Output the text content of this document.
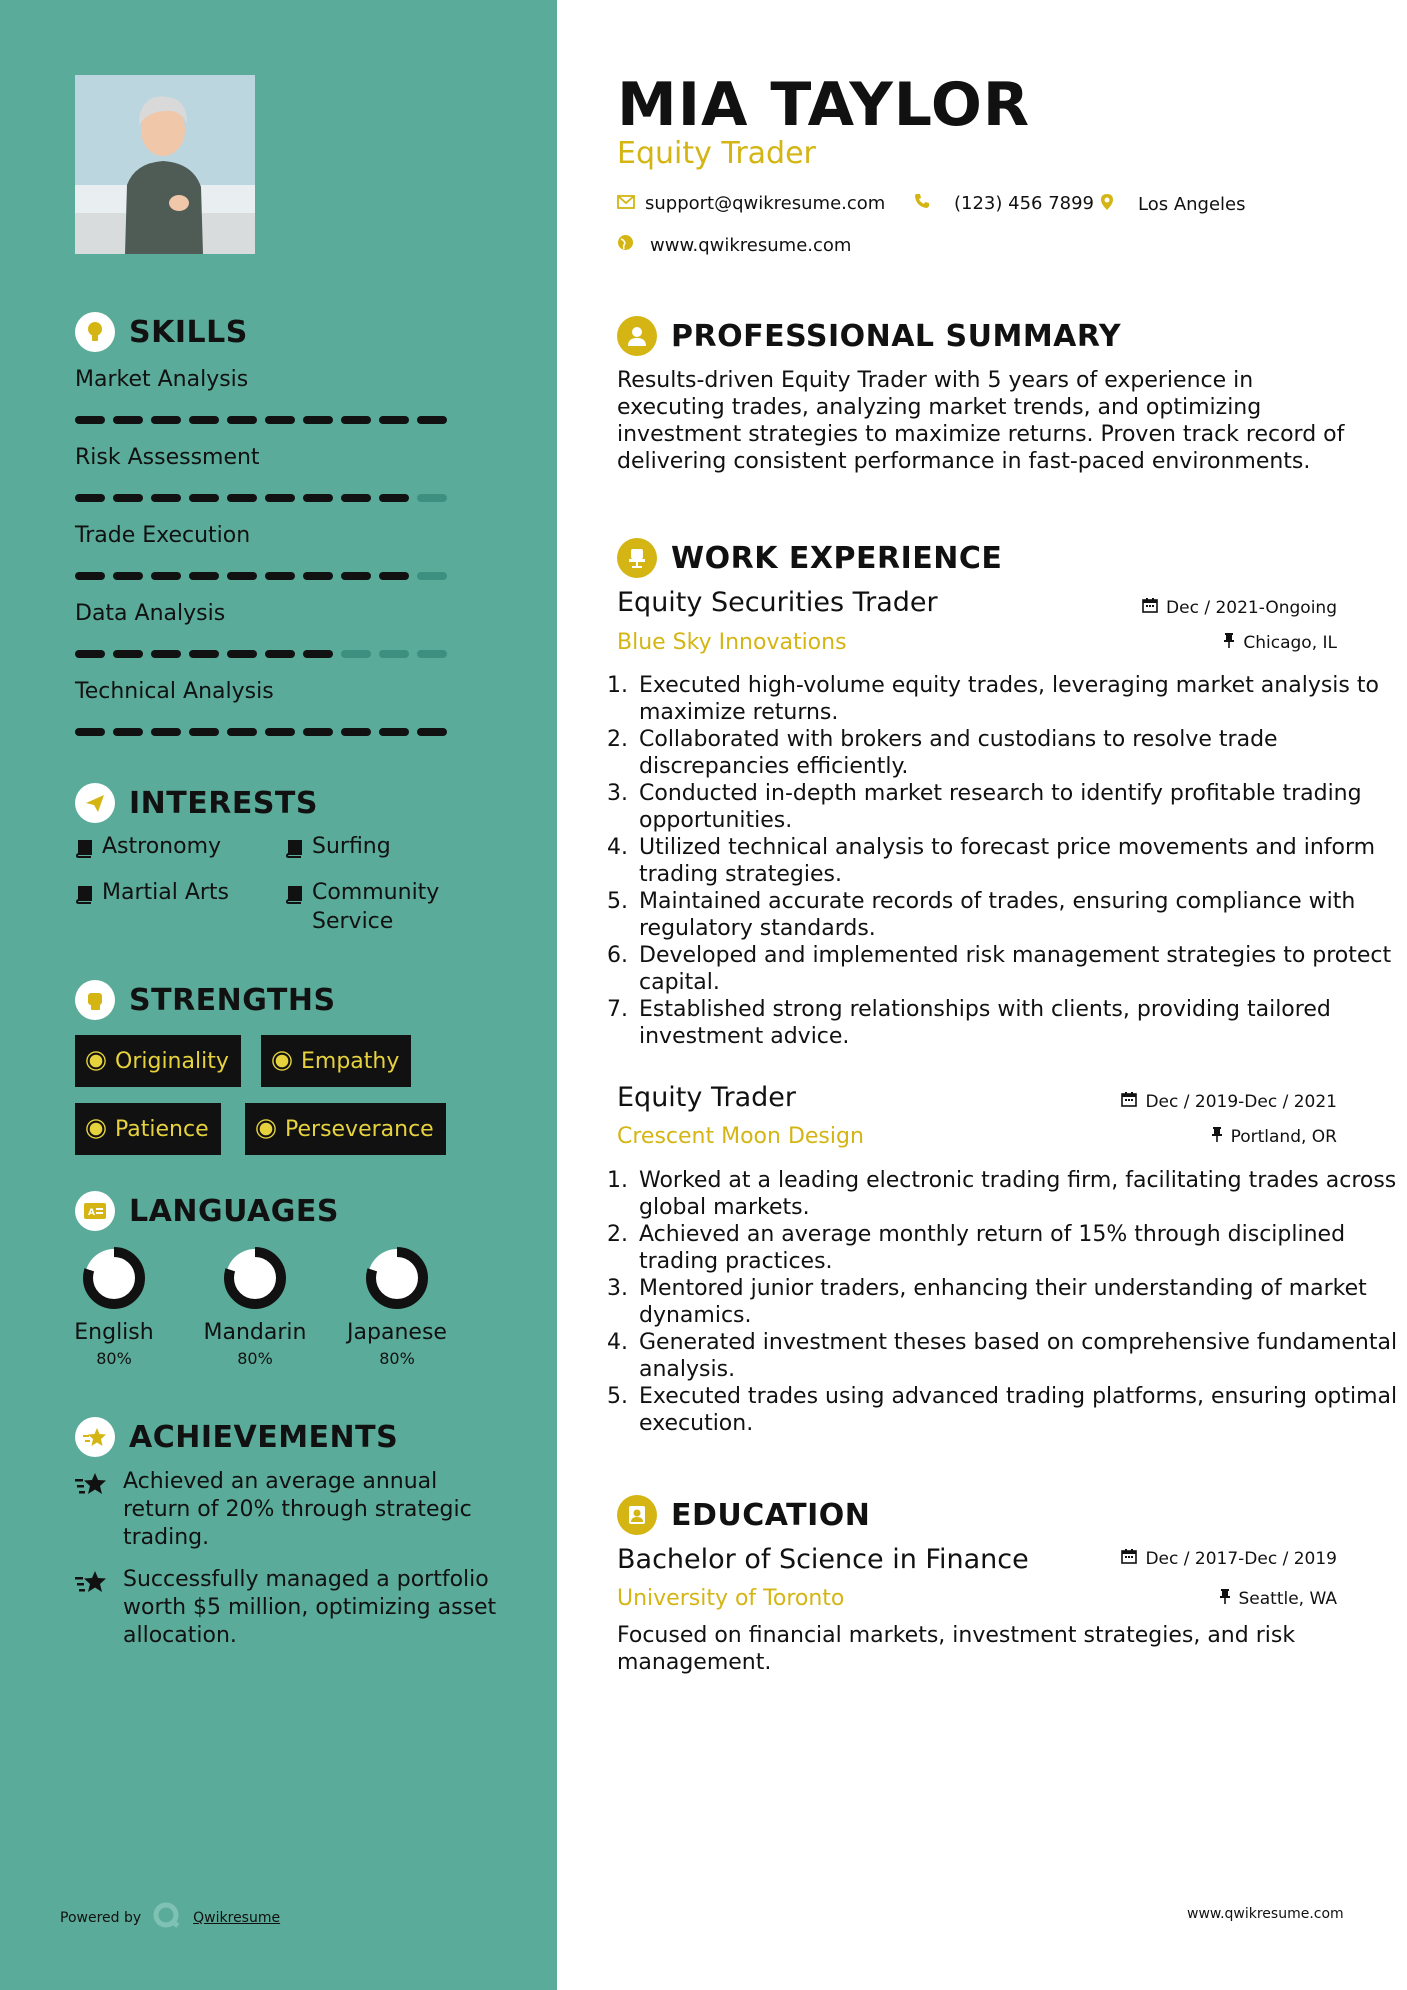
SKILLS
Market Analysis
Risk Assessment
Trade Execution
Data Analysis
Technical Analysis
INTERESTS
Astronomy	Surfing
Martial Arts	Community Service
STRENGTHS
Originality	Empathy
Patience	Perseverance
A LANGUAGES
English
80%
Mandarin
80%
Japanese
80%
ACHIEVEMENTS
Achieved an average annual return of 20% through strategic trading.
Successfully managed a portfolio worth $5 million, optimizing asset allocation.
Powered by	Qwikresume
MIA TAYLOR
Equity Trader
support@qwikresume.com	(123) 456 7899 Los Angeles
www.qwikresume.com
PROFESSIONAL SUMMARY
Results-driven Equity Trader with 5 years of experience in executing trades, analyzing market trends, and optimizing investment strategies to maximize returns. Proven track record of delivering consistent performance in fast-paced environments.
WORK EXPERIENCE
Equity Securities Trader
Blue Sky Innovations
Dec / 2021-Ongoing
Chicago, IL
1. Executed high-volume equity trades, leveraging market analysis to maximize returns.
2. Collaborated with brokers and custodians to resolve trade discrepancies efficiently.
3. Conducted in-depth market research to identify profitable trading opportunities.
4. Utilized technical analysis to forecast price movements and inform trading strategies.
5. Maintained accurate records of trades, ensuring compliance with regulatory standards.
6. Developed and implemented risk management strategies to protect capital.
7. Established strong relationships with clients, providing tailored investment advice.
Equity Trader
Crescent Moon Design
Dec / 2019-Dec / 2021
Portland, OR
1. Worked at a leading electronic trading firm, facilitating trades across global markets.
2. Achieved an average monthly return of 15% through disciplined trading practices.
3. Mentored junior traders, enhancing their understanding of market dynamics.
4. Generated investment theses based on comprehensive fundamental analysis.
5. Executed trades using advanced trading platforms, ensuring optimal execution.
EDUCATION
Bachelor of Science in Finance
University of Toronto
Dec / 2017-Dec / 2019
Seattle, WA
Focused on financial markets, investment strategies, and risk management.
www.qwikresume.com
